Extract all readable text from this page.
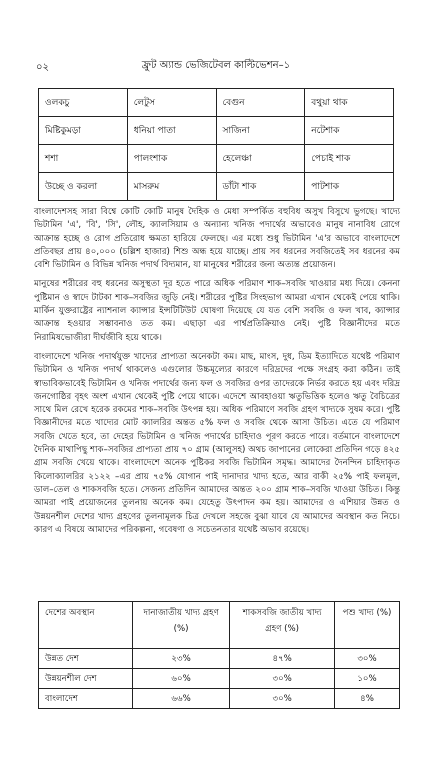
০২	ফ্রুট অ্যান্ড ভেজিটেবল কাল্টিভেশন–১
ওলকচু	লেটুস	বেগুন	বথুয়া থাক
মিষ্টিকুমড়া	ধনিয়া পাতা	সাজিনা	নটেশাক
শশা	পালংশাক	হেলেঞ্চা	পেচাই শাক
উচ্ছে ও করলা	মাসরুম	ডাঁটা শাক	পাটশাক

বাংলাদেশসহ সারা বিশ্বে কোটি কোটি মানুষ দৈহিক ও মেধা সম্পর্কিত বহুবিধ অসুখ বিসুখে ভুগছে। খাদ্যে ভিটামিন 'এ', 'বি', 'সি', লৌহ, ক্যালসিয়াম ও অন্যান্য খনিজ পদার্থের অভাবেও মানুষ নানাবিধ রোগে আক্রান্ত হচ্ছে ও রোগ প্রতিরোধ ক্ষমতা হারিয়ে ফেলছে। এর মধ্যে শুধু ভিটামিন 'এ'র অভাবে বাংলাদেশে প্রতিবছর প্রায় ৪০,০০০ (চল্লিশ হাজার) শিশু অন্ধ হয়ে যাচ্ছে। প্রায় সব ধরনের সবজিতেই সব ধরনের কম বেশি ভিটামিন ও বিভিন্ন খনিজ পদার্থ বিদ্যমান, যা মানুষের শরীরের জন্য অত্যন্ত প্রয়োজন।

মানুষের শরীরের বহু ধরনের অসুস্থতা দূর হতে পারে অধিক পরিমাণ শাক–সবজি খাওয়ার মধ্য দিয়ে। কেননা পুষ্টিমান ও স্বাদে টাটকা শাক–সবজির জুড়ি নেই। শরীরের পুষ্টির সিংহভাগ আমরা এখান থেকেই পেয়ে থাকি। মার্কিন যুক্তরাষ্ট্রের ন্যাশনাল ক্যান্সার ইন্সটিটিউট ঘোষণা দিয়েছে যে যত বেশি সবজি ও ফল খাব, ক্যান্সার আক্রান্ত হওয়ার সম্ভাবনাও তত কম। এছাড়া এর পার্শ্বপ্রতিক্রিয়াও নেই। পুষ্টি বিজ্ঞানীদের মতে নিরামিষভোজীরা দীর্ঘজীবি হয়ে থাকে।

বাংলাদেশে খনিজ পদার্থযুক্ত খাদ্যের প্রাপ্যতা অনেকটা কম। মাছ, মাংস, দুধ, ডিম ইত্যাদিতে যথেষ্ট পরিমাণ ভিটামিন ও খনিজ পদার্থ থাকলেও এগুলোর উচ্চমূল্যের কারণে দরিদ্রদের পক্ষে সংগ্রহ করা কঠিন। তাই স্বাভাবিকভাবেই ভিটামিন ও খনিজ পদার্থের জন্য ফল ও সবজির ওপর তাদেরকে নির্ভর করতে হয় এবং দরিদ্র জনগোষ্ঠির বৃহৎ অংশ এখান থেকেই পুষ্টি পেয়ে থাকে। এদেশে আবহাওয়া ঋতুভিত্তিক হলেও ঋতু বৈচিত্রের সাথে মিল রেখে হরেক রকমের শাক–সবজি উৎপন্ন হয়। অধিক পরিমাণে সবজি গ্রহণ খাদ্যকে সুষম করে। পুষ্টি বিজ্ঞানীদের মতে খাদ্যের মোট ক্যালরির অন্তত ৫% ফল ও সবজি থেকে আসা উচিত। এতে যে পরিমাণ সবজি খেতে হবে, তা দেহের ভিটামিন ও খনিজ পদার্থের চাহিদাও পূরণ করতে পারে। বর্তমানে বাংলাদেশে দৈনিক মাথাপিছু শাক–সবজির প্রাপ্যতা প্রায় ৭০ গ্রাম (আলুসহ) অথচ জাপানের লোকেরা প্রতিদিন গড়ে ৪২৫ গ্রাম সবজি খেয়ে থাকে। বাংলাদেশে অনেক পুষ্টিকর সবজি ভিটামিন সমৃদ্ধ। আমাদের দৈনন্দিন চাহিদাকৃত কিলোক্যালরির ২১২২ –এর প্রায় ৭৫% যোগান পাই দানাদার খাদ্য হতে, আর বাকী ২৫% পাই ফলমূল, ডাল–তেল ও শাকসবজি হতে। সেজন্য প্রতিদিন আমাদের অন্তত ২০০ গ্রাম শাক–সবজি খাওয়া উচিত। কিন্তু আমরা পাই প্রয়োজনের তুলনায় অনেক কম। যেহেতু উৎপাদন কম হয়। আমাদের ও এশিয়ার উন্নত ও উন্নয়নশীল দেশের খাদ্য গ্রহণের তুলনামূলক চিত্র দেখলে সহজে বুঝা যাবে যে আমাদের অবস্থান কত নিচে। কারণ এ বিষয়ে আমাদের পরিকল্পনা, গবেষণা ও সচেতনতার যথেষ্ট অভাব রয়েছে।

দেশের অবস্থান	দানাজাতীয় খাদ্য গ্রহণ (%)	শাকসবজি জাতীয় খাদ্য গ্রহণ (%)	পশু খাদ্য (%)
উন্নত দেশ	২৩%	৪৭%	৩০%
উন্নয়নশীল দেশ	৬০%	৩০%	১০%
বাংলাদেশ	৬৬%	৩০%	৪%
